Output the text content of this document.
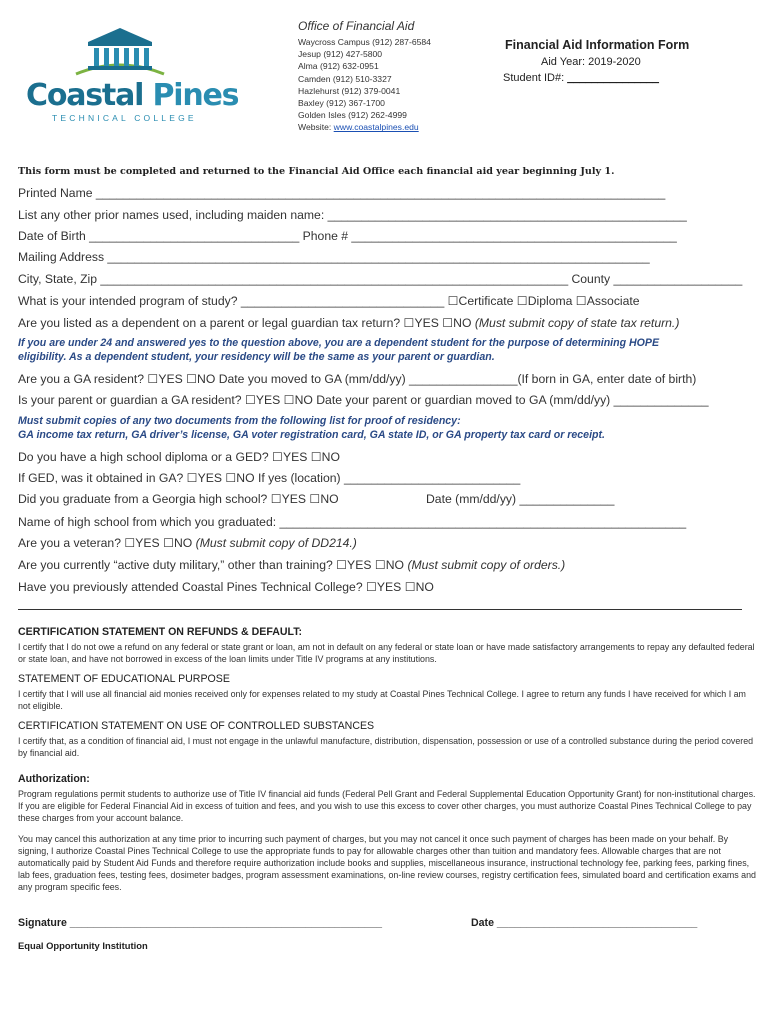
Coastal Pines
TECHNICAL COLLEGE
Office of Financial Aid
Waycross Campus (912) 287-6584
Jesup (912) 427-5800
Alma (912) 632-0951
Camden (912) 510-3327
Hazlehurst (912) 379-0041
Baxley (912) 367-1700
Golden Isles (912) 262-4999
Website: www.coastalpines.edu
Financial Aid Information Form
Aid Year: 2019-2020
Student ID#: _______________
This form must be completed and returned to the Financial Aid Office each financial aid year beginning July 1.
Printed Name ____________________________________________________________________________________
List any other prior names used, including maiden name: _____________________________________________________
Date of Birth _______________________________ Phone # ________________________________________________
Mailing Address ________________________________________________________________________________
City, State, Zip _____________________________________________________________________ County ___________________
What is your intended program of study? ______________________________ ☐Certificate ☐Diploma ☐Associate
Are you listed as a dependent on a parent or legal guardian tax return? ☐YES ☐NO (Must submit copy of state tax return.)
If you are under 24 and answered yes to the question above, you are a dependent student for the purpose of determining HOPE
eligibility. As a dependent student, your residency will be the same as your parent or guardian.
Are you a GA resident? ☐YES ☐NO Date you moved to GA (mm/dd/yy) ________________(If born in GA, enter date of birth)
Is your parent or guardian a GA resident? ☐YES ☐NO Date your parent or guardian moved to GA (mm/dd/yy) ______________
Must submit copies of any two documents from the following list for proof of residency:
GA income tax return, GA driver’s license, GA voter registration card, GA state ID, or GA property tax card or receipt.
Do you have a high school diploma or a GED? ☐YES ☐NO
If GED, was it obtained in GA? ☐YES ☐NO If yes (location) __________________________
Did you graduate from a Georgia high school? ☐YES ☐NO	Date (mm/dd/yy) ______________
Name of high school from which you graduated: ____________________________________________________________
Are you a veteran? ☐YES ☐NO (Must submit copy of DD214.)
Are you currently “active duty military,” other than training? ☐YES ☐NO (Must submit copy of orders.)
Have you previously attended Coastal Pines Technical College? ☐YES ☐NO
CERTIFICATION STATEMENT ON REFUNDS & DEFAULT:
I certify that I do not owe a refund on any federal or state grant or loan, am not in default on any federal or state loan or have made satisfactory arrangements to repay any defaulted federal or state loan, and have not borrowed in excess of the loan limits under Title IV programs at any institutions.
STATEMENT OF EDUCATIONAL PURPOSE
I certify that I will use all financial aid monies received only for expenses related to my study at Coastal Pines Technical College. I agree to return any funds I have received for which I am not eligible.
CERTIFICATION STATEMENT ON USE OF CONTROLLED SUBSTANCES
I certify that, as a condition of financial aid, I must not engage in the unlawful manufacture, distribution, dispensation, possession or use of a controlled substance during the period covered by financial aid.
Authorization:
Program regulations permit students to authorize use of Title IV financial aid funds (Federal Pell Grant and Federal Supplemental Education Opportunity Grant) for non-institutional charges. If you are eligible for Federal Financial Aid in excess of tuition and fees, and you wish to use this excess to cover other charges, you must authorize Coastal Pines Technical College to pay these charges from your account balance.
You may cancel this authorization at any time prior to incurring such payment of charges, but you may not cancel it once such payment of charges has been made on your behalf. By signing, I authorize Coastal Pines Technical College to use the appropriate funds to pay for allowable charges other than tuition and mandatory fees. Allowable charges that are not automatically paid by Student Aid Funds and therefore require authorization include books and supplies, miscellaneous insurance, instructional technology fee, parking fees, parking fines, lab fees, graduation fees, testing fees, dosimeter badges, program assessment examinations, on-line review courses, registry certification fees, simulated board and certification exams and any program specific fees.
Signature _____________________________________________________	Date __________________________________
Equal Opportunity Institution
